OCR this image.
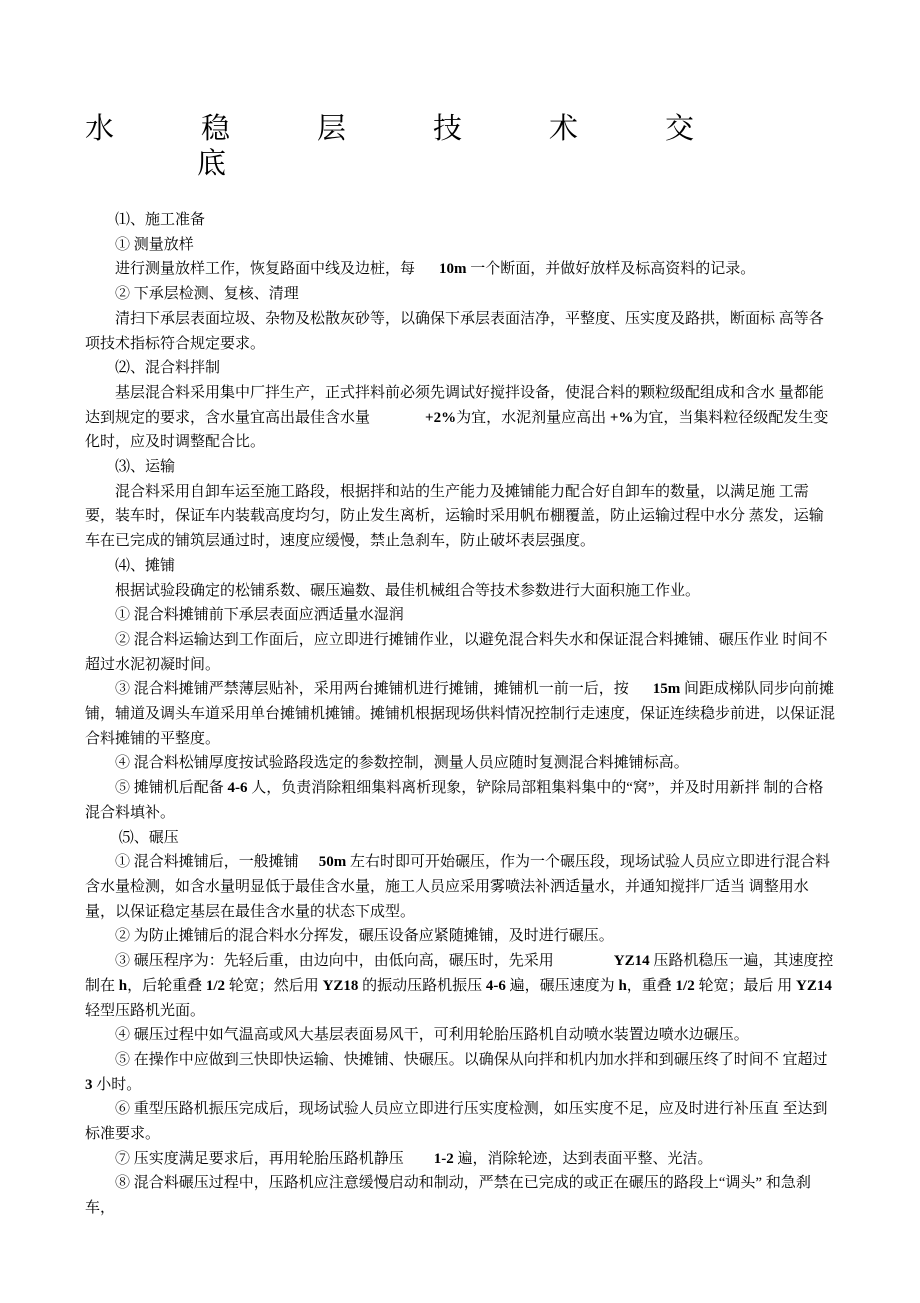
水稳层技术交
底
⑴、施工准备
① 测量放样
进行测量放样工作，恢复路面中线及边桩，每 10m 一个断面，并做好放样及标高资料的记录。
② 下承层检测、复核、清理
清扫下承层表面垃圾、杂物及松散灰砂等，以确保下承层表面洁净，平整度、压实度及路拱，断面标 高等各项技术指标符合规定要求。
⑵、混合料拌制
基层混合料采用集中厂拌生产，正式拌料前必须先调试好搅拌设备，使混合料的颗粒级配组成和含水 量都能达到规定的要求，含水量宜高出最佳含水量	+2%为宜，水泥剂量应高出 +%为宜，当集料粒径级配发生变化时，应及时调整配合比。
⑶、运输
混合料采用自卸车运至施工路段，根据拌和站的生产能力及摊铺能力配合好自卸车的数量，以满足施 工需要，装车时，保证车内装载高度均匀，防止发生离析，运输时采用帆布棚覆盖，防止运输过程中水分 蒸发，运输车在已完成的铺筑层通过时，速度应缓慢，禁止急刹车，防止破坏表层强度。
⑷、摊铺
根据试验段确定的松铺系数、碾压遍数、最佳机械组合等技术参数进行大面积施工作业。
① 混合料摊铺前下承层表面应洒适量水湿润
② 混合料运输达到工作面后，应立即进行摊铺作业，以避免混合料失水和保证混合料摊铺、碾压作业 时间不超过水泥初凝时间。
③ 混合料摊铺严禁薄层贴补，采用两台摊铺机进行摊铺，摊铺机一前一后，按 15m 间距成梯队同步向前摊铺，辅道及调头车道采用单台摊铺机摊铺。摊铺机根据现场供料情况控制行走速度，保证连续稳步前进，以保证混合料摊铺的平整度。
④ 混合料松铺厚度按试验路段选定的参数控制，测量人员应随时复测混合料摊铺标高。
⑤ 摊铺机后配备 4-6 人，负责消除粗细集料离析现象，铲除局部粗集料集中的“窝”，并及时用新拌 制的合格混合料填补。
⑸、碾压
① 混合料摊铺后，一般摊铺 50m 左右时即可开始碾压，作为一个碾压段，现场试验人员应立即进行混合料含水量检测，如含水量明显低于最佳含水量，施工人员应采用雾喷法补洒适量水，并通知搅拌厂适当 调整用水量，以保证稳定基层在最佳含水量的状态下成型。
② 为防止摊铺后的混合料水分挥发，碾压设备应紧随摊铺，及时进行碾压。
③ 碾压程序为：先轻后重，由边向中，由低向高，碾压时，先采用	YZ14 压路机稳压一遍，其速度控制在 h，后轮重叠 1/2 轮宽；然后用 YZ18 的振动压路机振压 4-6 遍，碾压速度为 h，重叠 1/2 轮宽；最后 用 YZ14 轻型压路机光面。
④ 碾压过程中如气温高或风大基层表面易风干，可利用轮胎压路机自动喷水装置边喷水边碾压。
⑤ 在操作中应做到三快即快运输、快摊铺、快碾压。以确保从向拌和机内加水拌和到碾压终了时间不 宜超过 3 小时。
⑥ 重型压路机振压完成后，现场试验人员应立即进行压实度检测，如压实度不足，应及时进行补压直 至达到标准要求。
⑦ 压实度满足要求后，再用轮胎压路机静压 1-2 遍，消除轮迹，达到表面平整、光洁。
⑧ 混合料碾压过程中，压路机应注意缓慢启动和制动，严禁在已完成的或正在碾压的路段上“调头” 和急刹车，
